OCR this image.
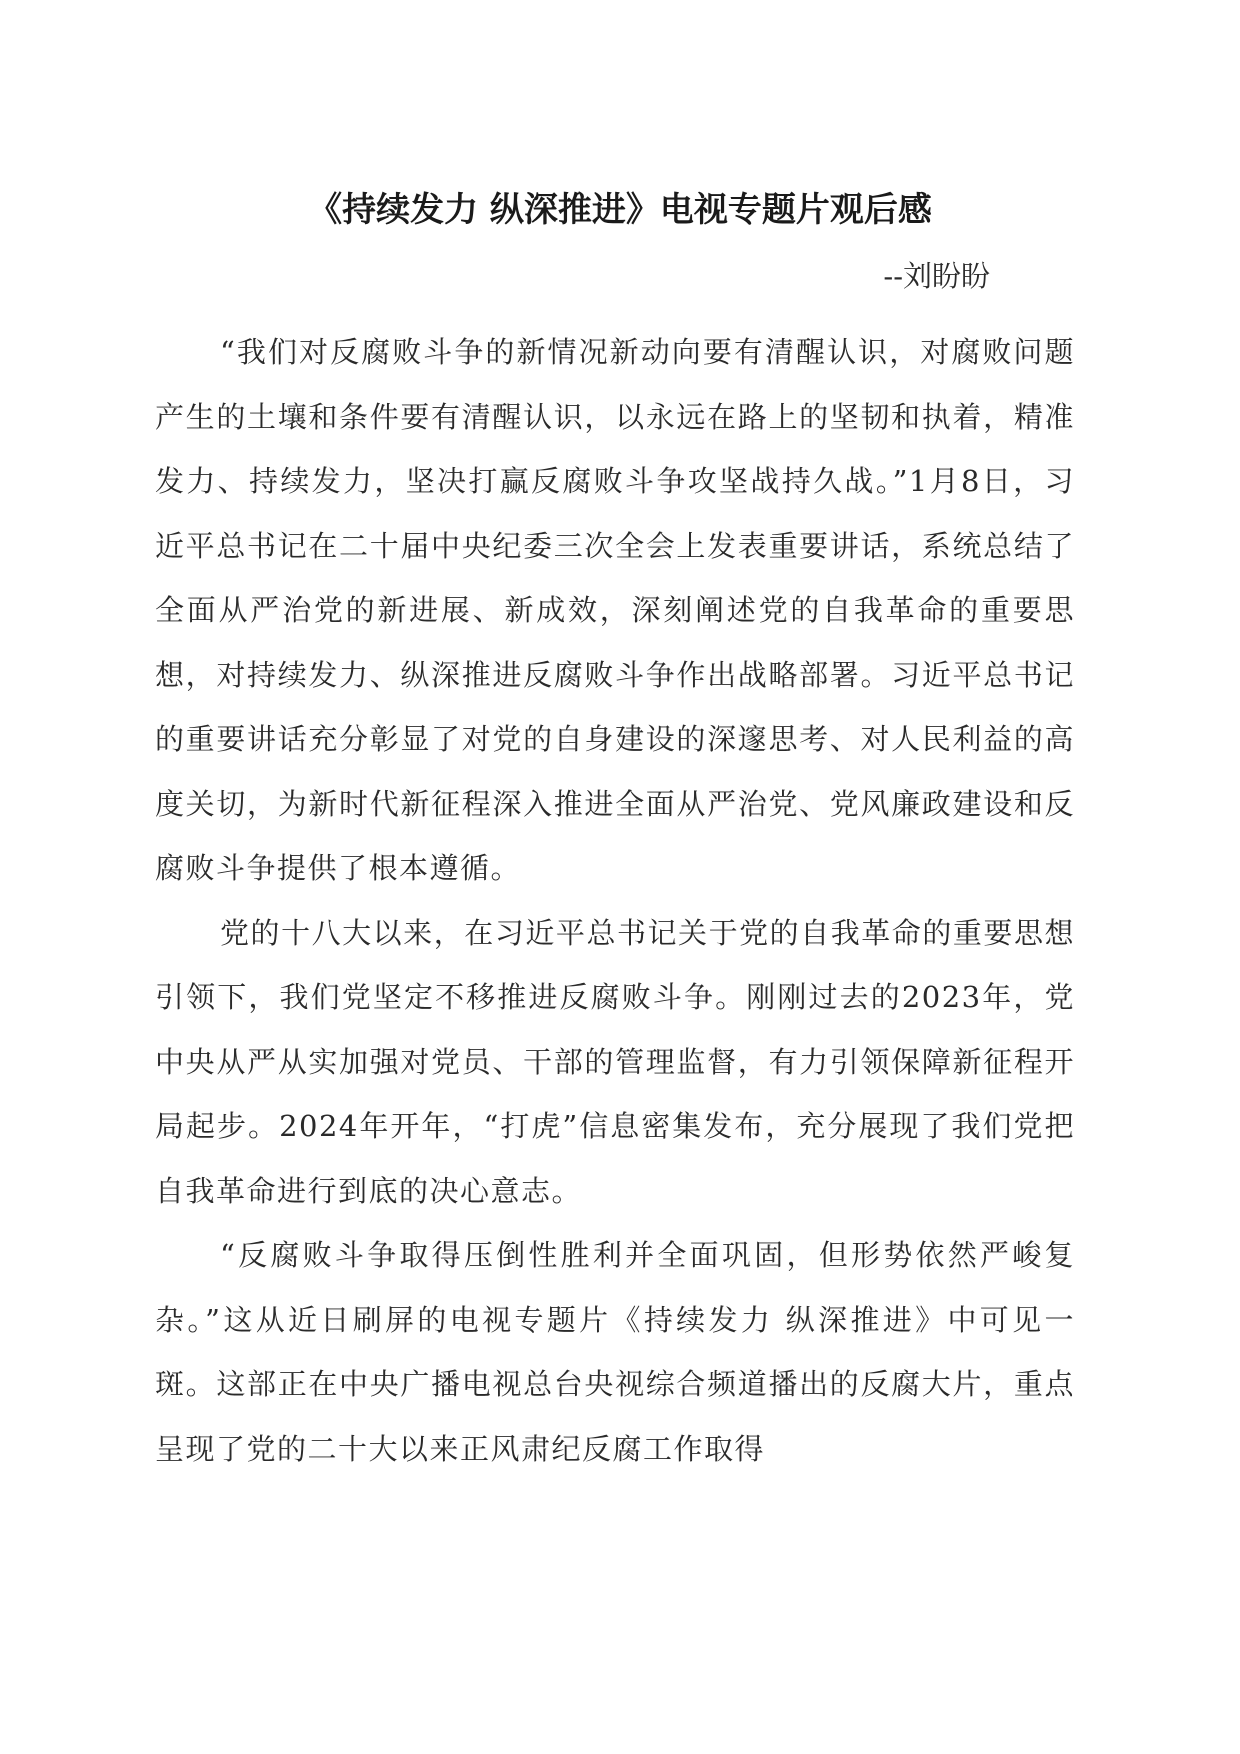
《持续发力 纵深推进》电视专题片观后感
--刘盼盼

“我们对反腐败斗争的新情况新动向要有清醒认识，对腐败问题产生的土壤和条件要有清醒认识，以永远在路上的坚韧和执着，精准发力、持续发力，坚决打赢反腐败斗争攻坚战持久战。”1月8日，习近平总书记在二十届中央纪委三次全会上发表重要讲话，系统总结了全面从严治党的新进展、新成效，深刻阐述党的自我革命的重要思想，对持续发力、纵深推进反腐败斗争作出战略部署。习近平总书记的重要讲话充分彰显了对党的自身建设的深邃思考、对人民利益的高度关切，为新时代新征程深入推进全面从严治党、党风廉政建设和反腐败斗争提供了根本遵循。

党的十八大以来，在习近平总书记关于党的自我革命的重要思想引领下，我们党坚定不移推进反腐败斗争。刚刚过去的2023年，党中央从严从实加强对党员、干部的管理监督，有力引领保障新征程开局起步。2024年开年，“打虎”信息密集发布，充分展现了我们党把自我革命进行到底的决心意志。

“反腐败斗争取得压倒性胜利并全面巩固，但形势依然严峻复杂。”这从近日刷屏的电视专题片《持续发力 纵深推进》中可见一斑。这部正在中央广播电视总台央视综合频道播出的反腐大片，重点呈现了党的二十大以来正风肃纪反腐工作取得
